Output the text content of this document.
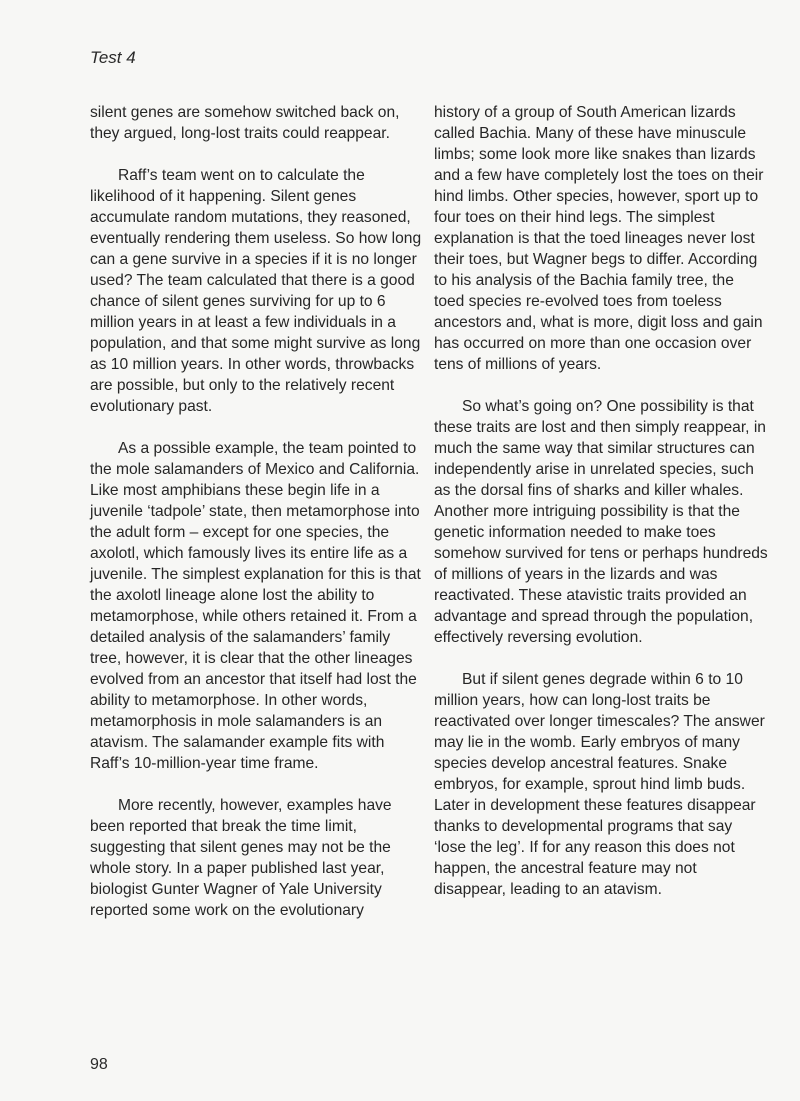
Test 4

silent genes are somehow switched back on, they argued, long-lost traits could reappear.

Raff’s team went on to calculate the likelihood of it happening. Silent genes accumulate random mutations, they reasoned, eventually rendering them useless. So how long can a gene survive in a species if it is no longer used? The team calculated that there is a good chance of silent genes surviving for up to 6 million years in at least a few individuals in a population, and that some might survive as long as 10 million years. In other words, throwbacks are possible, but only to the relatively recent evolutionary past.

As a possible example, the team pointed to the mole salamanders of Mexico and California. Like most amphibians these begin life in a juvenile ‘tadpole’ state, then metamorphose into the adult form – except for one species, the axolotl, which famously lives its entire life as a juvenile. The simplest explanation for this is that the axolotl lineage alone lost the ability to metamorphose, while others retained it. From a detailed analysis of the salamanders’ family tree, however, it is clear that the other lineages evolved from an ancestor that itself had lost the ability to metamorphose. In other words, metamorphosis in mole salamanders is an atavism. The salamander example fits with Raff’s 10-million-year time frame.

More recently, however, examples have been reported that break the time limit, suggesting that silent genes may not be the whole story. In a paper published last year, biologist Gunter Wagner of Yale University reported some work on the evolutionary

history of a group of South American lizards called Bachia. Many of these have minuscule limbs; some look more like snakes than lizards and a few have completely lost the toes on their hind limbs. Other species, however, sport up to four toes on their hind legs. The simplest explanation is that the toed lineages never lost their toes, but Wagner begs to differ. According to his analysis of the Bachia family tree, the toed species re-evolved toes from toeless ancestors and, what is more, digit loss and gain has occurred on more than one occasion over tens of millions of years.

So what’s going on? One possibility is that these traits are lost and then simply reappear, in much the same way that similar structures can independently arise in unrelated species, such as the dorsal fins of sharks and killer whales. Another more intriguing possibility is that the genetic information needed to make toes somehow survived for tens or perhaps hundreds of millions of years in the lizards and was reactivated. These atavistic traits provided an advantage and spread through the population, effectively reversing evolution.

But if silent genes degrade within 6 to 10 million years, how can long-lost traits be reactivated over longer timescales? The answer may lie in the womb. Early embryos of many species develop ancestral features. Snake embryos, for example, sprout hind limb buds. Later in development these features disappear thanks to developmental programs that say ‘lose the leg’. If for any reason this does not happen, the ancestral feature may not disappear, leading to an atavism.

98
